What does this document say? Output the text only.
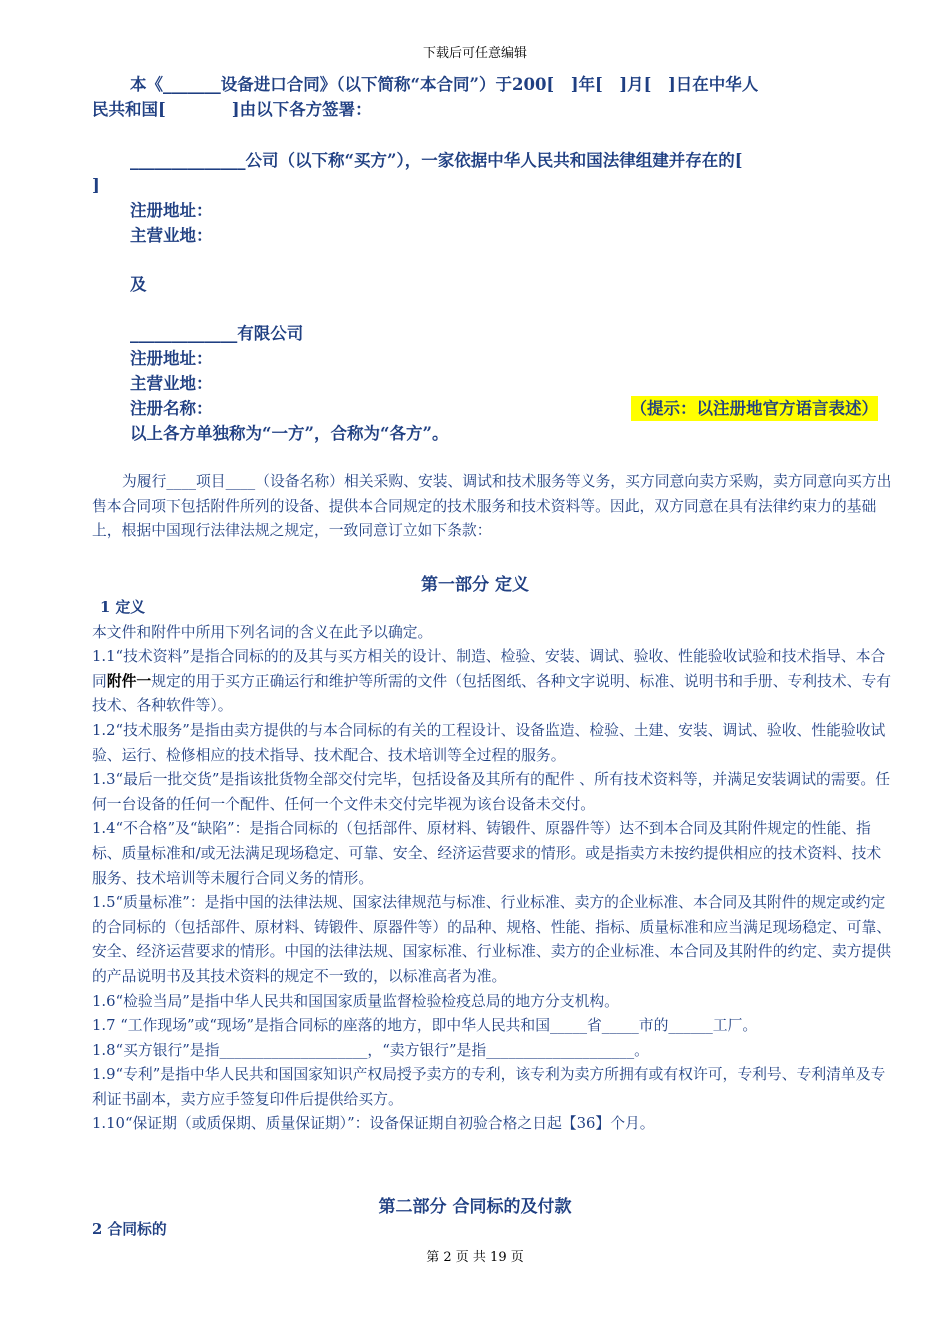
下载后可任意编辑
本《_______设备进口合同》（以下简称“本合同”）于200[　]年[　]月[　]日在中华人
民共和国[　　　　]由以下各方签署：
______________公司（以下称“买方”），一家依据中华人民共和国法律组建并存在的[
]
注册地址：
主营业地：
及
_____________有限公司
注册地址：
主营业地：
注册名称：	（提示：以注册地官方语言表述）
以上各方单独称为“一方”，合称为“各方”。

为履行____项目____（设备名称）相关采购、安装、调试和技术服务等义务，买方同意向卖方采购，卖方同意向买方出售本合同项下包括附件所列的设备、提供本合同规定的技术服务和技术资料等。因此，双方同意在具有法律约束力的基础上，根据中国现行法律法规之规定，一致同意订立如下条款：

第一部分 定义

1 定义

本文件和附件中所用下列名词的含义在此予以确定。

1.1“技术资料”是指合同标的的及其与买方相关的设计、制造、检验、安装、调试、验收、性能验收试验和技术指导、本合同附件一规定的用于买方正确运行和维护等所需的文件（包括图纸、各种文字说明、标准、说明书和手册、专利技术、专有技术、各种软件等）。

1.2“技术服务”是指由卖方提供的与本合同标的有关的工程设计、设备监造、检验、土建、安装、调试、验收、性能验收试验、运行、检修相应的技术指导、技术配合、技术培训等全过程的服务。

1.3“最后一批交货”是指该批货物全部交付完毕，包括设备及其所有的配件 、所有技术资料等，并满足安装调试的需要。任何一台设备的任何一个配件、任何一个文件未交付完毕视为该台设备未交付。

1.4“不合格”及“缺陷”：是指合同标的（包括部件、原材料、铸锻件、原器件等）达不到本合同及其附件规定的性能、指标、质量标准和/或无法满足现场稳定、可靠、安全、经济运营要求的情形。或是指卖方未按约提供相应的技术资料、技术服务、技术培训等未履行合同义务的情形。

1.5“质量标准”：是指中国的法律法规、国家法律规范与标准、行业标准、卖方的企业标准、本合同及其附件的规定或约定的合同标的（包括部件、原材料、铸锻件、原器件等）的品种、规格、性能、指标、质量标准和应当满足现场稳定、可靠、安全、经济运营要求的情形。中国的法律法规、国家标准、行业标准、卖方的企业标准、本合同及其附件的约定、卖方提供的产品说明书及其技术资料的规定不一致的，以标准高者为准。

1.6“检验当局”是指中华人民共和国国家质量监督检验检疫总局的地方分支机构。

1.7 “工作现场”或“现场”是指合同标的座落的地方，即中华人民共和国_____省_____市的______工厂。

1.8“买方银行”是指____________________，“卖方银行”是指____________________。

1.9“专利”是指中华人民共和国国家知识产权局授予卖方的专利，该专利为卖方所拥有或有权许可，专利号、专利清单及专利证书副本，卖方应手签复印件后提供给买方。

1.10“保证期（或质保期、质量保证期）”：设备保证期自初验合格之日起【36】个月。

第二部分 合同标的及付款
2 合同标的
第 2 页 共 19 页
